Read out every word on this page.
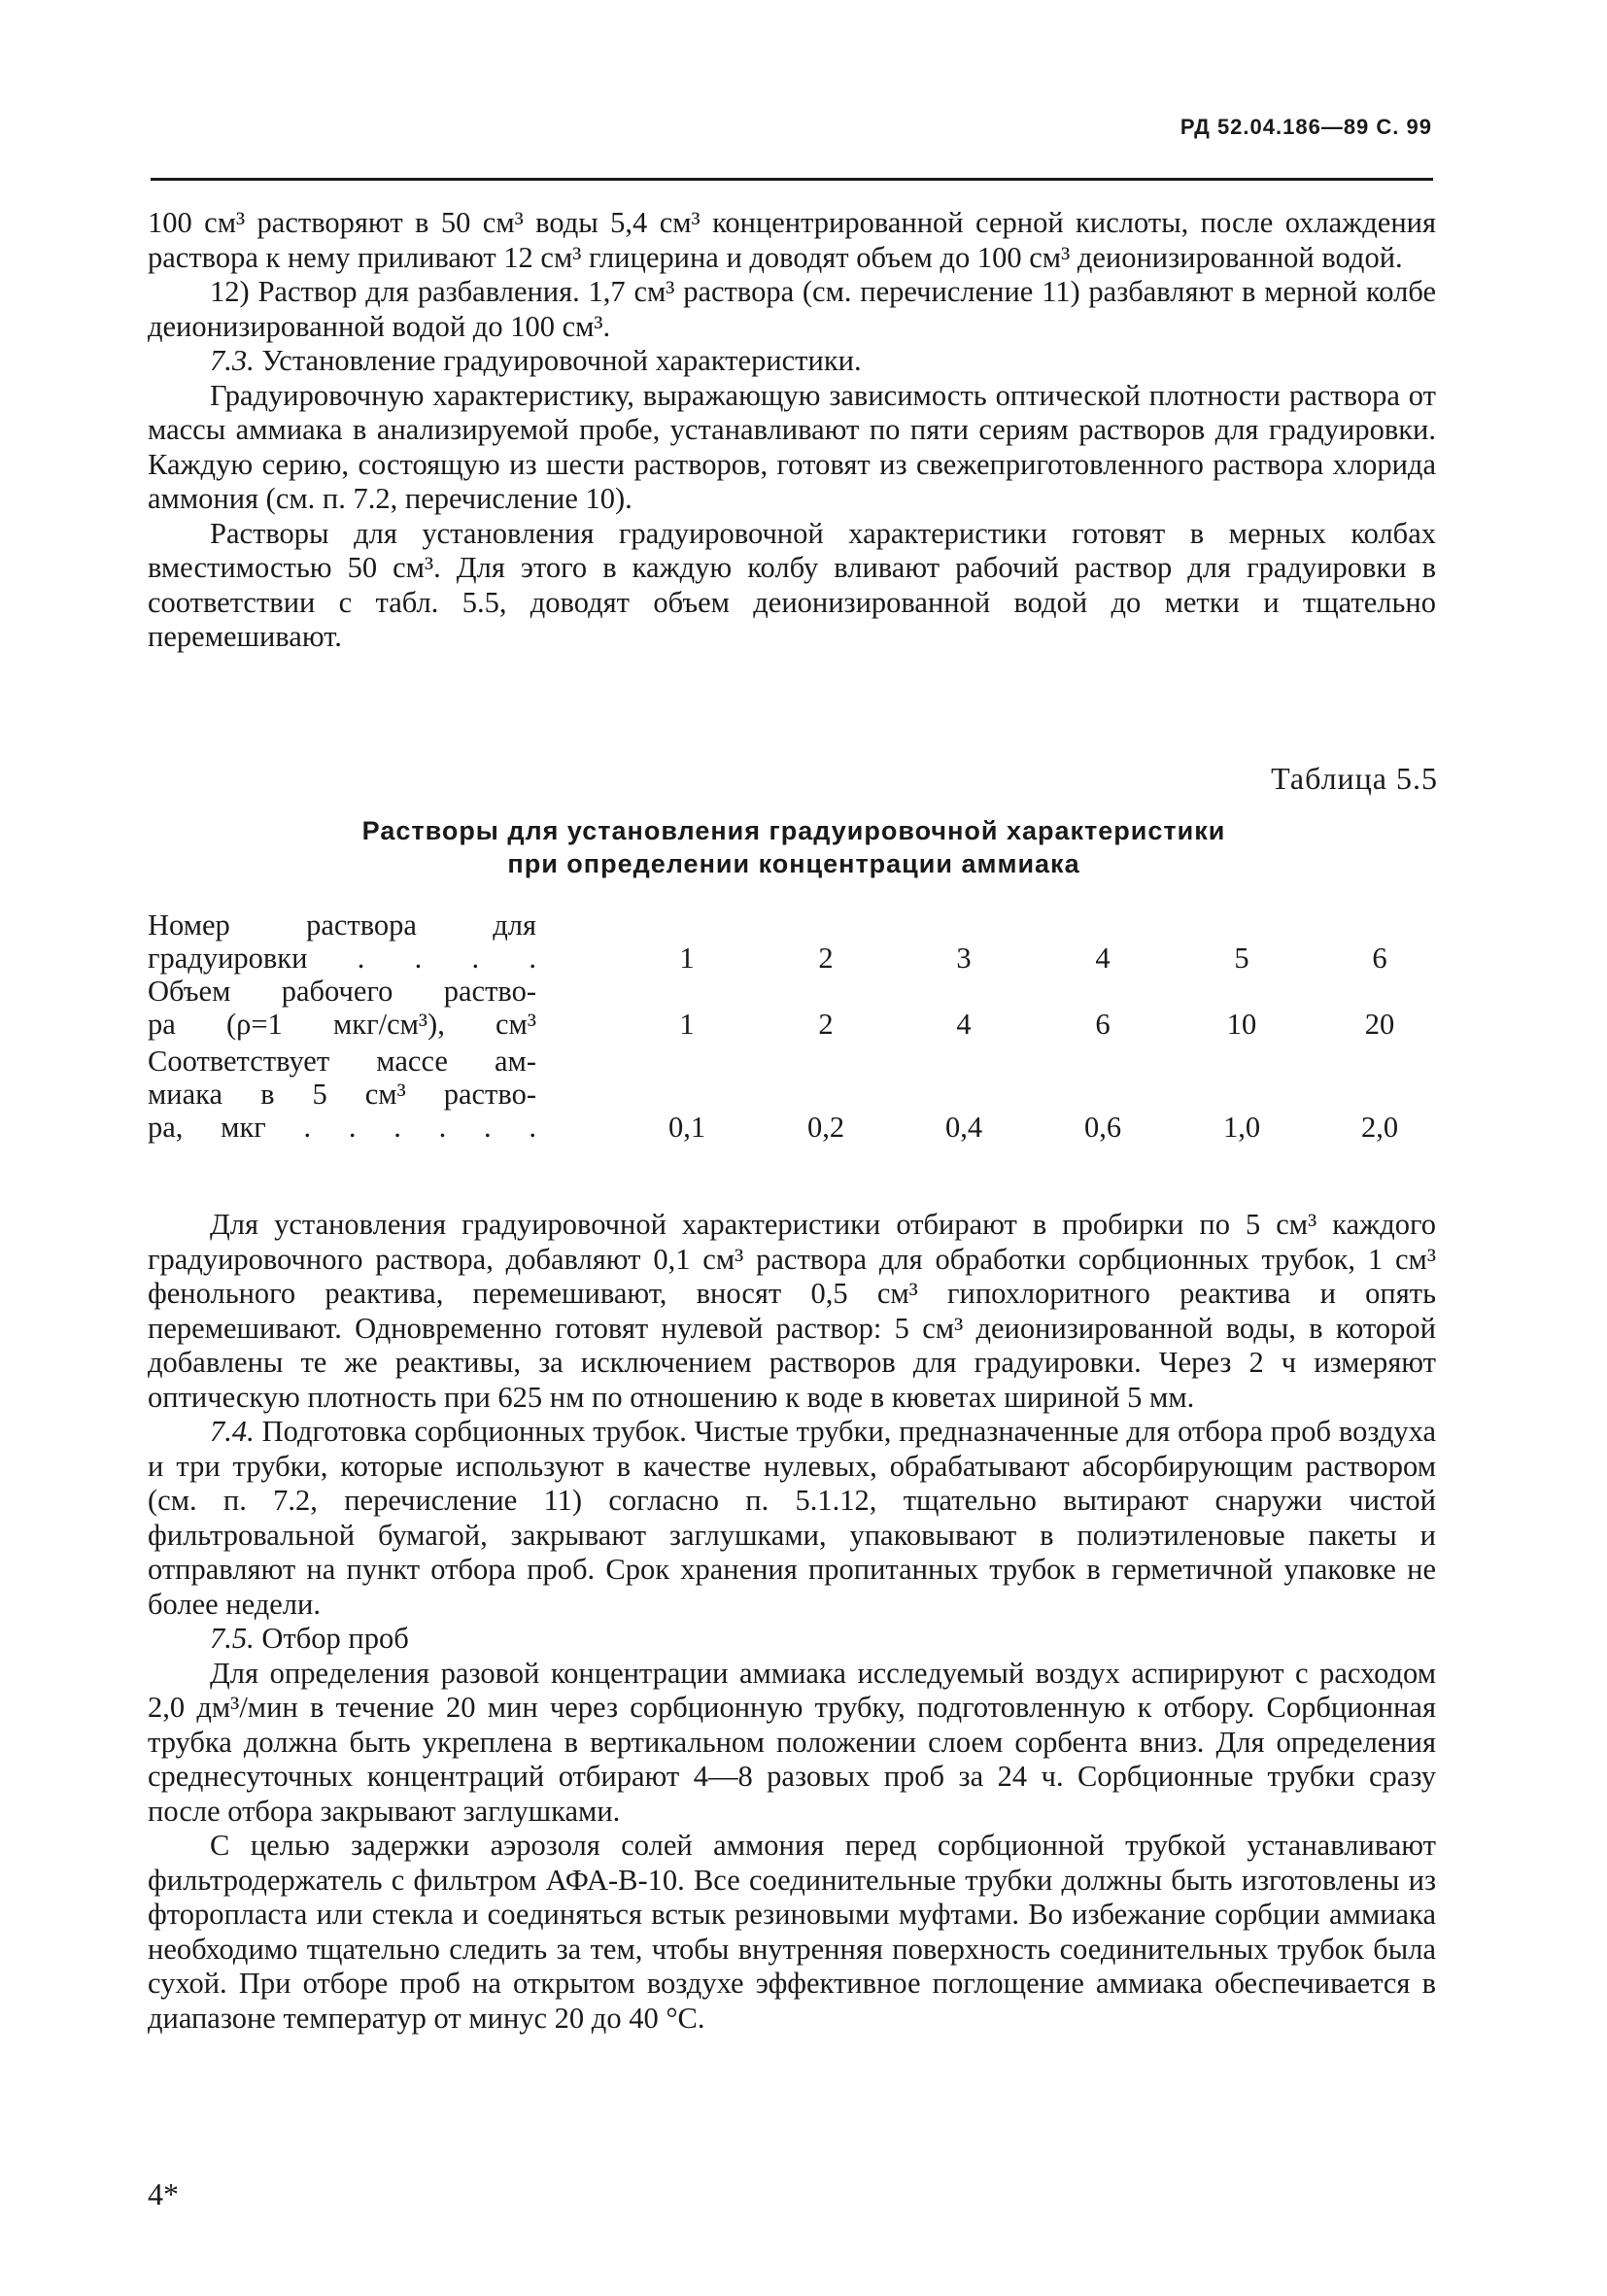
РД 52.04.186—89 С. 99

100 см³ растворяют в 50 см³ воды 5,4 см³ концентрированной серной кислоты, после охлаждения раствора к нему приливают 12 см³ глицерина и доводят объем до 100 см³ деионизированной водой.

12) Раствор для разбавления. 1,7 см³ раствора (см. перечисление 11) разбавляют в мерной колбе деионизированной водой до 100 см³.

7.3. Установление градуировочной характеристики.

Градуировочную характеристику, выражающую зависимость оптической плотности раствора от массы аммиака в анализируемой пробе, устанавливают по пяти сериям растворов для градуировки. Каждую серию, состоящую из шести растворов, готовят из свежеприготовленного раствора хлорида аммония (см. п. 7.2, перечисление 10).

Растворы для установления градуировочной характеристики готовят в мерных колбах вместимостью 50 см³. Для этого в каждую колбу вливают рабочий раствор для градуировки в соответствии с табл. 5.5, доводят объем деионизированной водой до метки и тщательно перемешивают.

Таблица 5.5
Растворы для установления градуировочной характеристики
при определении концентрации аммиака
Номер раствора для
градуировки . . . .	1	2	3	4	5	6
Объем рабочего раство-
ра (ρ=1 мкг/см³), см³	1	2	4	6	10	20
Соответствует массе ам-
миака в 5 см³ раство-
ра, мкг . . . . . .	0,1	0,2	0,4	0,6	1,0	2,0

Для установления градуировочной характеристики отбирают в пробирки по 5 см³ каждого градуировочного раствора, добавляют 0,1 см³ раствора для обработки сорбционных трубок, 1 см³ фенольного реактива, перемешивают, вносят 0,5 см³ гипохлоритного реактива и опять перемешивают. Одновременно готовят нулевой раствор: 5 см³ деионизированной воды, в которой добавлены те же реактивы, за исключением растворов для градуировки. Через 2 ч измеряют оптическую плотность при 625 нм по отношению к воде в кюветах шириной 5 мм.

7.4. Подготовка сорбционных трубок. Чистые трубки, предназначенные для отбора проб воздуха и три трубки, которые используют в качестве нулевых, обрабатывают абсорбирующим раствором (см. п. 7.2, перечисление 11) согласно п. 5.1.12, тщательно вытирают снаружи чистой фильтровальной бумагой, закрывают заглушками, упаковывают в полиэтиленовые пакеты и отправляют на пункт отбора проб. Срок хранения пропитанных трубок в герметичной упаковке не более недели.

7.5. Отбор проб

Для определения разовой концентрации аммиака исследуемый воздух аспирируют с расходом 2,0 дм³/мин в течение 20 мин через сорбционную трубку, подготовленную к отбору. Сорбционная трубка должна быть укреплена в вертикальном положении слоем сорбента вниз. Для определения среднесуточных концентраций отбирают 4—8 разовых проб за 24 ч. Сорбционные трубки сразу после отбора закрывают заглушками.

С целью задержки аэрозоля солей аммония перед сорбционной трубкой устанавливают фильтродержатель с фильтром АФА-В-10. Все соединительные трубки должны быть изготовлены из фторопласта или стекла и соединяться встык резиновыми муфтами. Во избежание сорбции аммиака необходимо тщательно следить за тем, чтобы внутренняя поверхность соединительных трубок была сухой. При отборе проб на открытом воздухе эффективное поглощение аммиака обеспечивается в диапазоне температур от минус 20 до 40 °С.

4*
